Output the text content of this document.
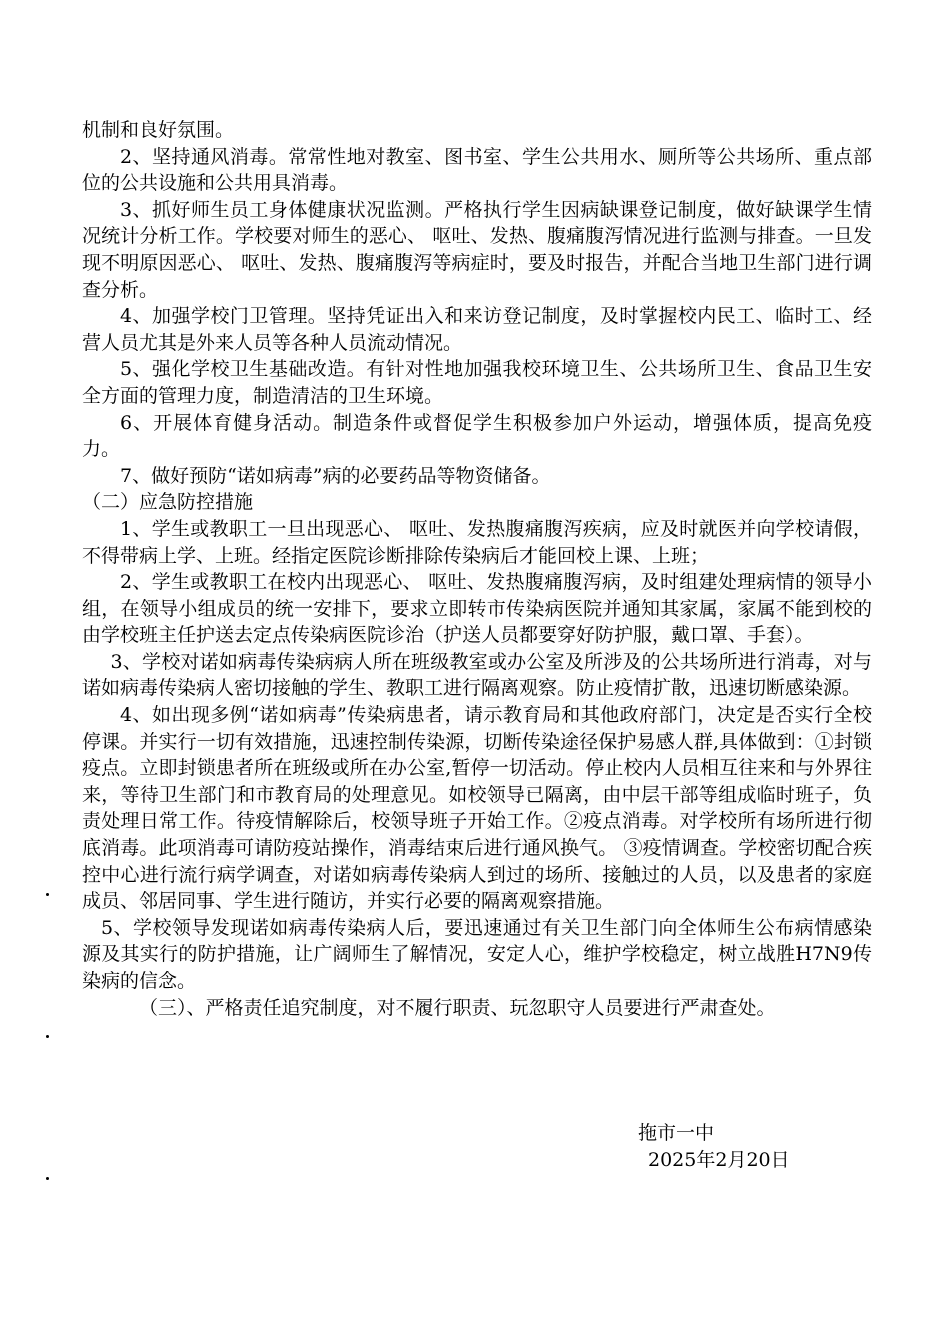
机制和良好氛围。

2、坚持通风消毒。常常性地对教室、图书室、学生公共用水、厕所等公共场所、重点部位的公共设施和公共用具消毒。

3、抓好师生员工身体健康状况监测。严格执行学生因病缺课登记制度，做好缺课学生情况统计分析工作。学校要对师生的恶心、 呕吐、发热、腹痛腹泻情况进行监测与排查。一旦发现不明原因恶心、 呕吐、发热、腹痛腹泻等病症时，要及时报告，并配合当地卫生部门进行调查分析。

4、加强学校门卫管理。坚持凭证出入和来访登记制度，及时掌握校内民工、临时工、经营人员尤其是外来人员等各种人员流动情况。

5、强化学校卫生基础改造。有针对性地加强我校环境卫生、公共场所卫生、食品卫生安全方面的管理力度，制造清洁的卫生环境。

6、开展体育健身活动。制造条件或督促学生积极参加户外运动，增强体质，提高免疫力。

7、做好预防“诺如病毒”病的必要药品等物资储备。

（二）应急防控措施

1、学生或教职工一旦出现恶心、 呕吐、发热腹痛腹泻疾病，应及时就医并向学校请假，不得带病上学、上班。经指定医院诊断排除传染病后才能回校上课、上班；

2、学生或教职工在校内出现恶心、 呕吐、发热腹痛腹泻病，及时组建处理病情的领导小组，在领导小组成员的统一安排下，要求立即转市传染病医院并通知其家属，家属不能到校的由学校班主任护送去定点传染病医院诊治（护送人员都要穿好防护服，戴口罩、手套）。

3、学校对诺如病毒传染病病人所在班级教室或办公室及所涉及的公共场所进行消毒，对与诺如病毒传染病人密切接触的学生、教职工进行隔离观察。防止疫情扩散，迅速切断感染源。

4、如出现多例“诺如病毒”传染病患者，请示教育局和其他政府部门，决定是否实行全校停课。并实行一切有效措施，迅速控制传染源，切断传染途径保护易感人群,具体做到：①封锁疫点。立即封锁患者所在班级或所在办公室,暂停一切活动。停止校内人员相互往来和与外界往来，等待卫生部门和市教育局的处理意见。如校领导已隔离，由中层干部等组成临时班子，负责处理日常工作。待疫情解除后，校领导班子开始工作。②疫点消毒。对学校所有场所进行彻底消毒。此项消毒可请防疫站操作，消毒结束后进行通风换气。 ③疫情调查。学校密切配合疾控中心进行流行病学调查，对诺如病毒传染病人到过的场所、接触过的人员，以及患者的家庭成员、邻居同事、学生进行随访，并实行必要的隔离观察措施。

5、学校领导发现诺如病毒传染病人后，要迅速通过有关卫生部门向全体师生公布病情感染源及其实行的防护措施，让广阔师生了解情况，安定人心，维护学校稳定，树立战胜H7N9传染病的信念。

（三）、严格责任追究制度，对不履行职责、玩忽职守人员要进行严肃查处。

拖市一中
2025年2月20日
